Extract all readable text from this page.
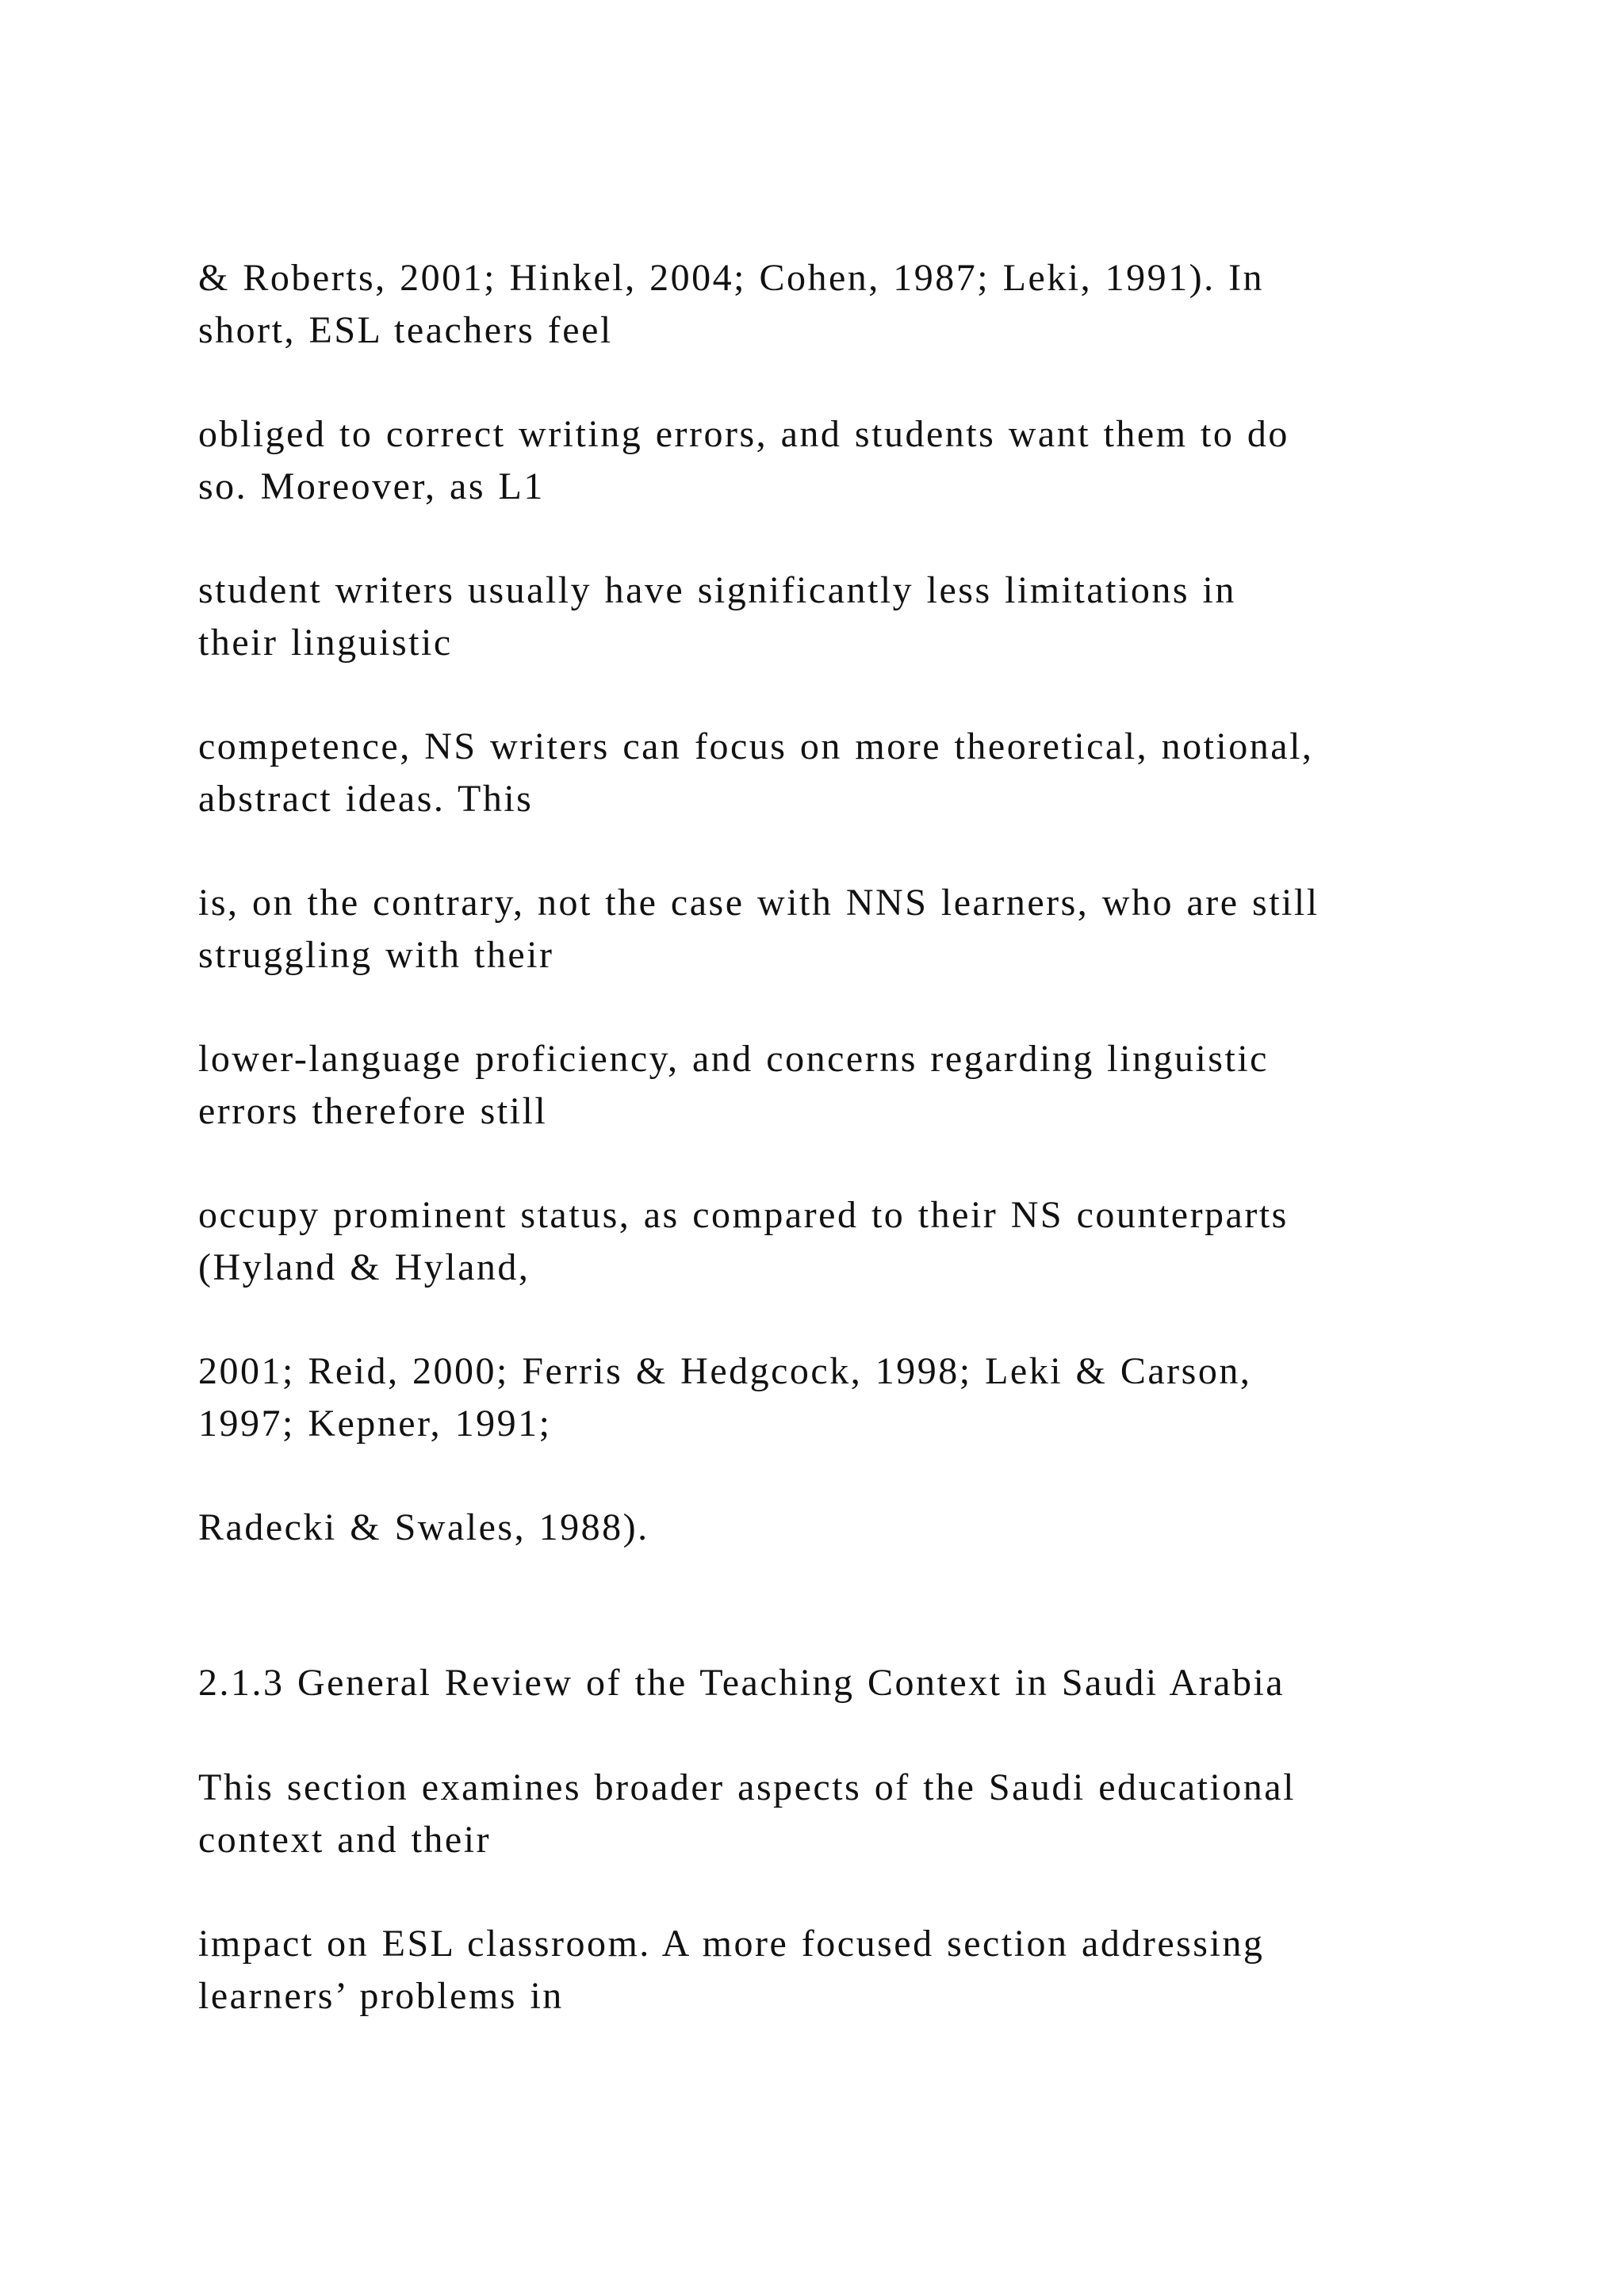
& Roberts, 2001; Hinkel, 2004; Cohen, 1987; Leki, 1991). In
short, ESL teachers feel
obliged to correct writing errors, and students want them to do
so. Moreover, as L1
student writers usually have significantly less limitations in
their linguistic
competence, NS writers can focus on more theoretical, notional,
abstract ideas. This
is, on the contrary, not the case with NNS learners, who are still
struggling with their
lower-language proficiency, and concerns regarding linguistic
errors therefore still
occupy prominent status, as compared to their NS counterparts
(Hyland & Hyland,
2001; Reid, 2000; Ferris & Hedgcock, 1998; Leki & Carson,
1997; Kepner, 1991;
Radecki & Swales, 1988).
2.1.3 General Review of the Teaching Context in Saudi Arabia
This section examines broader aspects of the Saudi educational
context and their
impact on ESL classroom. A more focused section addressing
learners’ problems in
